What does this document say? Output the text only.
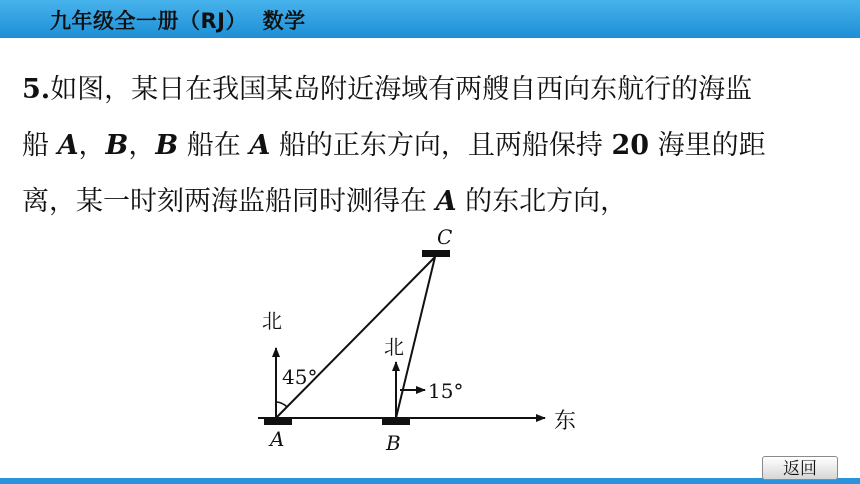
九年级全一册（RJ）  数学
5.如图，某日在我国某岛附近海域有两艘自西向东航行的海监
船 A，B，B 船在 A 船的正东方向，且两船保持 20 海里的距
离，某一时刻两海监船同时测得在 A 的东北方向，
C
北
北
45°
15°
东
A	B
返回
